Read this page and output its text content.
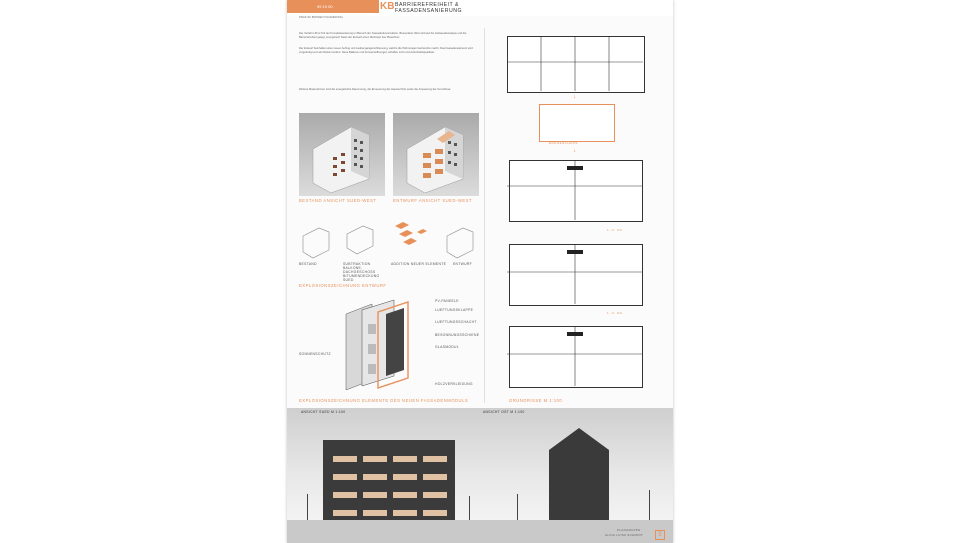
99 10 00	KB BARRIEREFREIHEIT &
FASSADENSANIERUNG
PRAK.SF BMSSEN KSANIERUNG
Der Verfall in B ist Teil der Komplettsanierung im Bereich der Fassadenkonstruktion. Besonderer Wert wird auf die Gebaeudeanalyse und die Barrierefreiheit gelegt, energetisch bietet der Entwurf einen Mehrwert fuer Bewohner.
Der Entwurf beinhaltet einen neuen Aufzug und Laubengangerschliessung, welche die Wohnungen barrierefrei macht. Das Fassadenelement wird vorgefertigt und als Modul montiert. Neue Balkone und Fensteroeffnungen schaffen Licht und Aufenthaltsqualitaet.
Weitere Massnahmen sind die energetische Daemmung, die Erneuerung der Haustechnik sowie die Anpassung der Grundrisse.
BESTAND ANSICHT SUED-WEST	ENTWURF ANSICHT SUED-WEST
BESTAND	SUBTRAKTION BALKONE, DACHGESCHOSS BITUMENDECKUNG SUED
ADDITION NEUER ELEMENTE ENTWURF
EXPLOSIONSZEICHNUNG ENTWURF
PV-PANEELE
LUEFTUNGSKLAPPE
LUEFTUNGSSCHACHT
BESONNUNGSSCHIENE
GLASMODUL
HOLZVERKLEIDUNG
SONNENSCHUTZ
EXPLOSIONSZEICHNUNG ELEMENTE DES NEUEN FASSADENMODULS
↓
↓
ERDGESCHOSS
1.-3. OG
1.-3. OG
GRUNDRISSE M 1:100
ANSICHT SUED M 1:100	ANSICHT OST M 1:100
PLANGRUPPE
ALINA LUISA SCHMIDT	5
